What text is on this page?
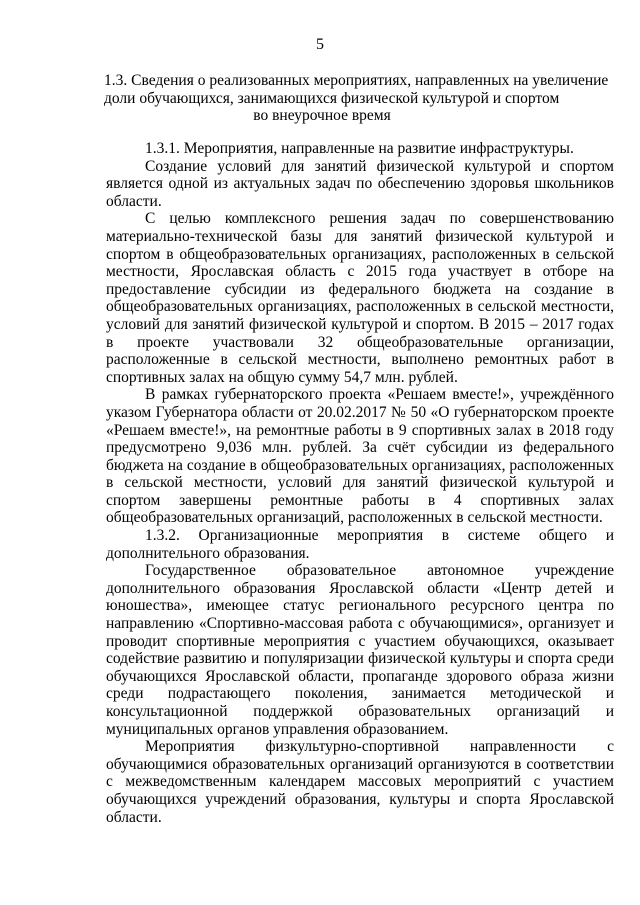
5
1.3. Сведения о реализованных мероприятиях, направленных на увеличение
доли обучающихся, занимающихся физической культурой и спортом
во внеурочное время

1.3.1. Мероприятия, направленные на развитие инфраструктуры.

Создание условий для занятий физической культурой и спортом является одной из актуальных задач по обеспечению здоровья школьников области.

С целью комплексного решения задач по совершенствованию материально-технической базы для занятий физической культурой и спортом в общеобразовательных организациях, расположенных в сельской местности, Ярославская область с 2015 года участвует в отборе на предоставление субсидии из федерального бюджета на создание в общеобразовательных организациях, расположенных в сельской местности, условий для занятий физической культурой и спортом. В 2015 – 2017 годах в проекте участвовали 32 общеобразовательные организации, расположенные в сельской местности, выполнено ремонтных работ в спортивных залах на общую сумму 54,7 млн. рублей.

В рамках губернаторского проекта «Решаем вместе!», учреждённого указом Губернатора области от 20.02.2017 № 50 «О губернаторском проекте «Решаем вместе!», на ремонтные работы в 9 спортивных залах в 2018 году предусмотрено 9,036 млн. рублей. За счёт субсидии из федерального бюджета на создание в общеобразовательных организациях, расположенных в сельской местности, условий для занятий физической культурой и спортом завершены ремонтные работы в 4 спортивных залах общеобразовательных организаций, расположенных в сельской местности.

1.3.2. Организационные мероприятия в системе общего и дополнительного образования.

Государственное образовательное автономное учреждение дополнительного образования Ярославской области «Центр детей и юношества», имеющее статус регионального ресурсного центра по направлению «Спортивно-массовая работа с обучающимися», организует и проводит спортивные мероприятия с участием обучающихся, оказывает содействие развитию и популяризации физической культуры и спорта среди обучающихся Ярославской области, пропаганде здорового образа жизни среди подрастающего поколения, занимается методической и консультационной поддержкой образовательных организаций и муниципальных органов управления образованием.

Мероприятия физкультурно-спортивной направленности с обучающимися образовательных организаций организуются в соответствии с межведомственным календарем массовых мероприятий с участием обучающихся учреждений образования, культуры и спорта Ярославской области.
